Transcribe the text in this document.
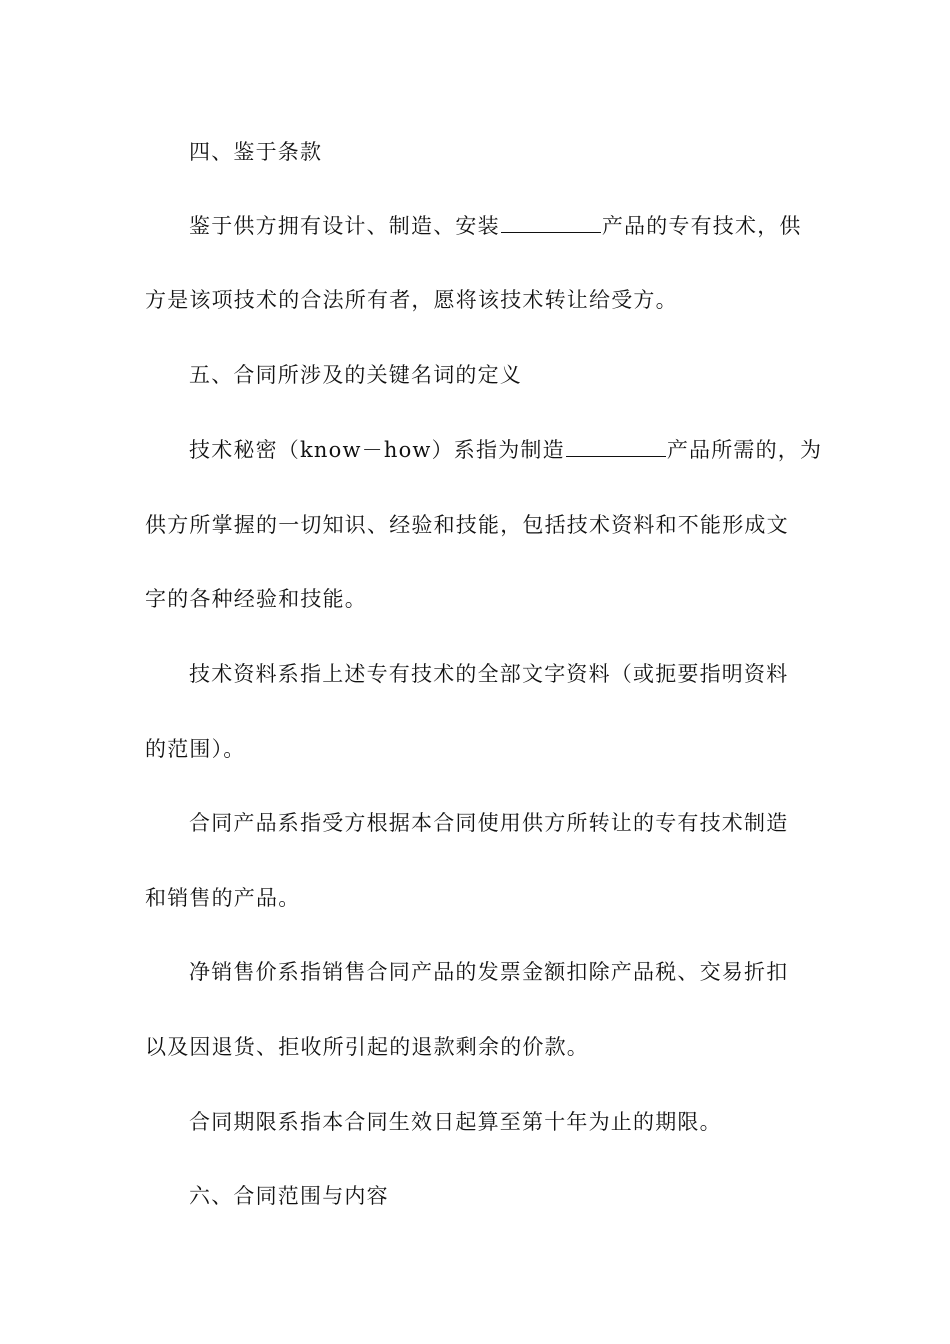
四、鉴于条款
鉴于供方拥有设计、制造、安装	产品的专有技术，供
方是该项技术的合法所有者，愿将该技术转让给受方。
五、合同所涉及的关键名词的定义
技术秘密（know－how）系指为制造	产品所需的，为
供方所掌握的一切知识、经验和技能，包括技术资料和不能形成文
字的各种经验和技能。
技术资料系指上述专有技术的全部文字资料（或扼要指明资料
的范围）。
合同产品系指受方根据本合同使用供方所转让的专有技术制造
和销售的产品。
净销售价系指销售合同产品的发票金额扣除产品税、交易折扣
以及因退货、拒收所引起的退款剩余的价款。
合同期限系指本合同生效日起算至第十年为止的期限。
六、合同范围与内容
